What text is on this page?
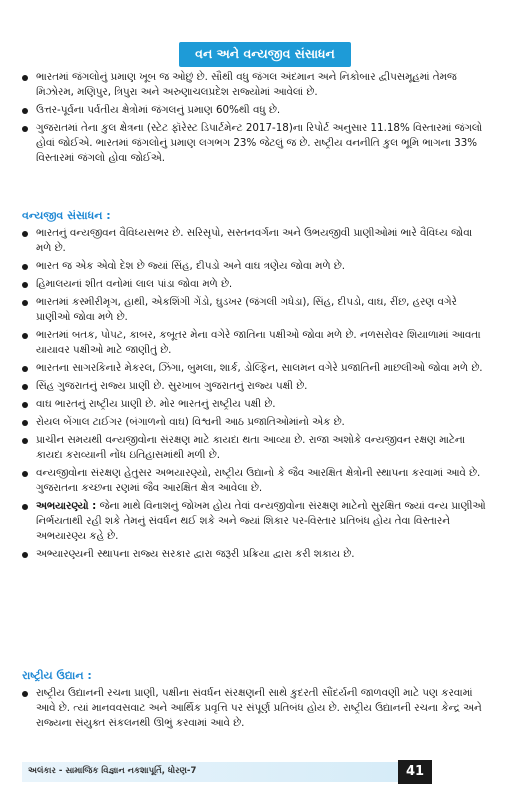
વન અને વન્યજીવ સંસાધન
ભારતમાં જંગલોનું પ્રમાણ ખૂબ જ ઓછું છે. સૌથી વધુ જંગલ અંદમાન અને નિકોબાર દ્વીપસમૂહમાં તેમજ મિઝોરમ, મણિપુર, ત્રિપુરા અને અરુણાચલપ્રદેશ રાજ્યોમાં આવેલાં છે.
ઉત્તર-પૂર્વના પર્વતીય ક્ષેત્રોમાં જંગલનું પ્રમાણ 60%થી વધુ છે.
ગુજરાતમાં તેના કુલ ક્ષેત્રના (સ્ટેટ ફૉરેસ્ટ ડિપાર્ટમેન્ટ 2017-18)ના રિપોર્ટ અનુસાર 11.18% વિસ્તારમાં જંગલો હોવાં જોઈએ. ભારતમાં જંગલોનું પ્રમાણ લગભગ 23% જેટલું જ છે. રાષ્ટ્રીય વનનીતિ કુલ ભૂમિ ભાગના 33% વિસ્તારમાં જંગલો હોવા જોઈએ.
વન્યજીવ સંસાધન :
ભારતનું વન્યજીવન વૈવિધ્યસભર છે. સરિસૃપો, સસ્તનવર્ગના અને ઉભયજીવી પ્રાણીઓમાં ભારે વૈવિધ્ય જોવા મળે છે.
ભારત જ એક એવો દેશ છે જ્યાં સિંહ, દીપડો અને વાઘ ત્રણેય જોવા મળે છે.
હિમાલયનાં શીત વનોમાં લાલ પાંડા જોવા મળે છે.
ભારતમાં કસ્મીરીમૃગ, હાથી, એકશિંગી ગેંડો, ઘુડખર (જંગલી ગધેડા), સિંહ, દીપડો, વાઘ, રીંછ, હરણ વગેરે પ્રાણીઓ જોવા મળે છે.
ભારતમાં બતક, પોપટ, કાબર, કબૂતર મેના વગેરે જાતિના પક્ષીઓ જોવા મળે છે. નળસરોવર શિયાળામાં આવતા યાયાવર પક્ષીઓ માટે જાણીતું છે.
ભારતના સાગરકિનારે મેકરલ, ઝિંગા, બુમલા, શાર્ક, ડોલ્ફિન, સાલમન વગેરે પ્રજાતિની માછલીઓ જોવા મળે છે.
સિંહ ગુજરાતનું રાજ્ય પ્રાણી છે. સુરખાબ ગુજરાતનું રાજ્ય પક્ષી છે.
વાઘ ભારતનું રાષ્ટ્રીય પ્રાણી છે. મોર ભારતનું રાષ્ટ્રીય પક્ષી છે.
રોયલ બેંગાલ ટાઈગર (બંગાળનો વાઘ) વિશ્વની આઠ પ્રજાતિઓમાંનો એક છે.
પ્રાચીન સમયથી વન્યજીવોના સંરક્ષણ માટે કાયદા થતા આવ્યા છે. રાજા અશોકે વન્યજીવન રક્ષણ માટેના કાયદા કરાવ્યાની નોંધ ઇતિહાસમાંથી મળી છે.
વન્યજીવોના સંરક્ષણ હેતુસર અભયારણ્યો, રાષ્ટ્રીય ઉદ્યાનો કે જૈવ આરક્ષિત ક્ષેત્રોની સ્થાપના કરવામાં આવે છે. ગુજરાતના કચ્છના રણમાં જૈવ આરક્ષિત ક્ષેત્ર આવેલા છે.
અભયારણ્યો : જેના માથે વિનાશનું જોખમ હોય તેવાં વન્યજીવોના સંરક્ષણ માટેનો સુરક્ષિત જ્યાં વન્ય પ્રાણીઓ નિર્ભયતાથી રહી શકે તેમનું સંવર્ધન થઈ શકે અને જ્યાં શિકાર પર-વિસ્તાર પ્રતિબંધ હોય તેવા વિસ્તારને અભયારણ્ય કહે છે.
અભ્યારણ્યની સ્થાપના રાજ્ય સરકાર દ્વારા જરૂરી પ્રક્રિયા દ્વારા કરી શકાય છે.
રાષ્ટ્રીય ઉદ્યાન :
રાષ્ટ્રીય ઉદ્યાનની રચના પ્રાણી, પક્ષીના સંવર્ધન સંરક્ષણની સાથે કુદરતી સૌંદર્યની જાળવણી માટે પણ કરવામાં આવે છે. ત્યાં માનવવસવાટ અને આર્થિક પ્રવૃત્તિ પર સંપૂર્ણ પ્રતિબંધ હોય છે. રાષ્ટ્રીય ઉદ્યાનની રચના કેન્દ્ર અને રાજ્યના સંયુક્ત સંકલનથી ઊભું કરવામાં આવે છે.
અલંકાર - સામાજિક વિજ્ઞાન નકશાપૂર્તિ, ધોરણ-7	41
